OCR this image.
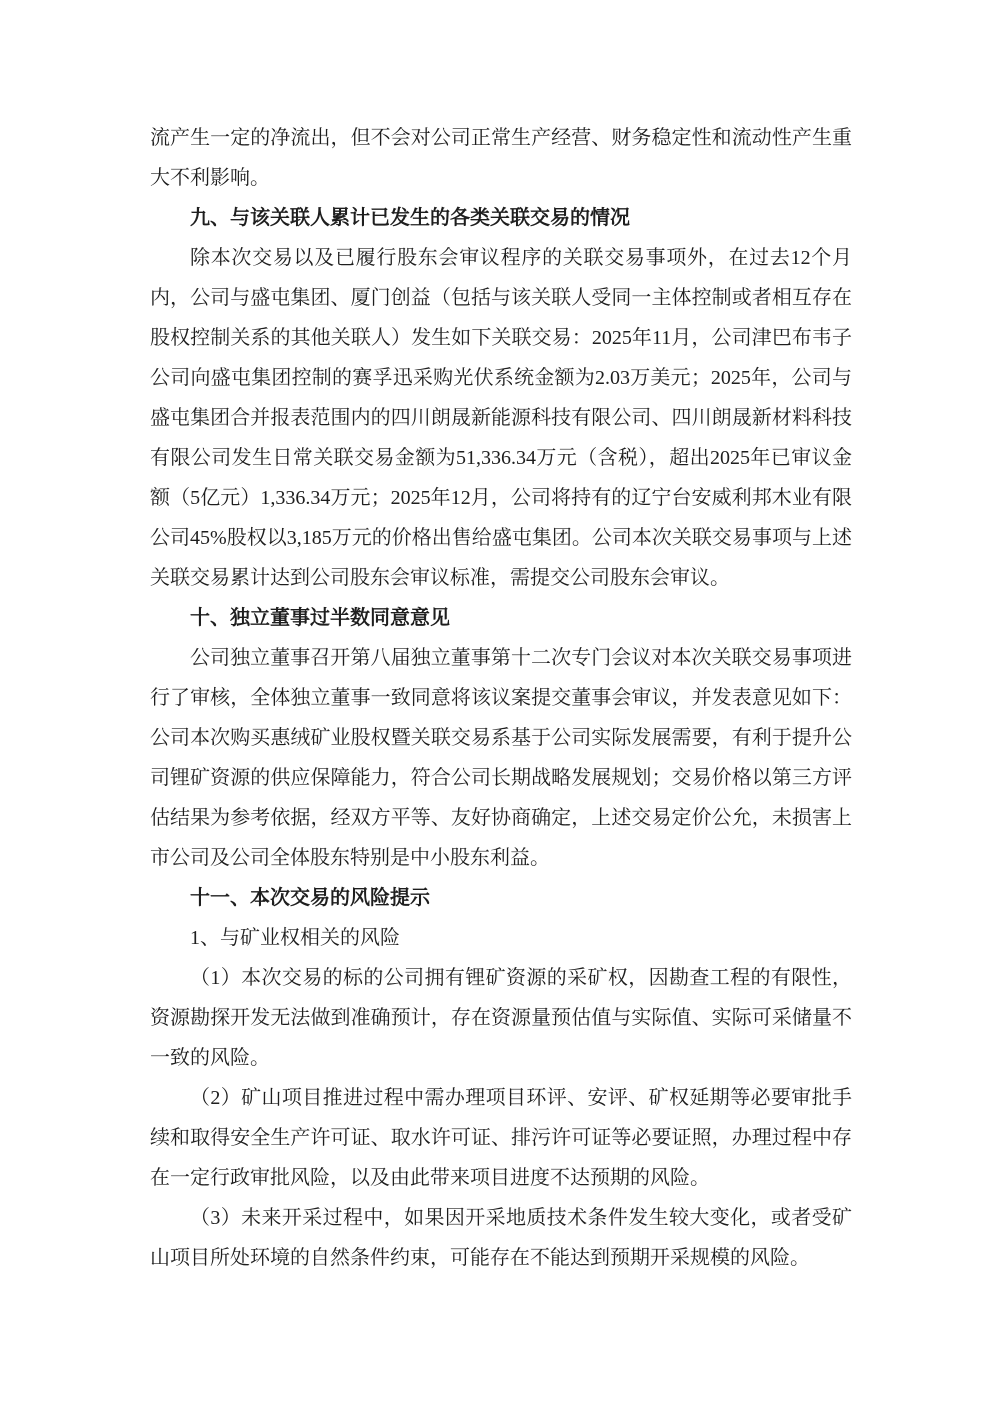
流产生一定的净流出，但不会对公司正常生产经营、财务稳定性和流动性产生重大不利影响。

九、与该关联人累计已发生的各类关联交易的情况

除本次交易以及已履行股东会审议程序的关联交易事项外，在过去12个月内，公司与盛屯集团、厦门创益（包括与该关联人受同一主体控制或者相互存在股权控制关系的其他关联人）发生如下关联交易：2025年11月，公司津巴布韦子公司向盛屯集团控制的赛孚迅采购光伏系统金额为2.03万美元；2025年，公司与盛屯集团合并报表范围内的四川朗晟新能源科技有限公司、四川朗晟新材料科技有限公司发生日常关联交易金额为51,336.34万元（含税），超出2025年已审议金额（5亿元）1,336.34万元；2025年12月，公司将持有的辽宁台安威利邦木业有限公司45%股权以3,185万元的价格出售给盛屯集团。公司本次关联交易事项与上述关联交易累计达到公司股东会审议标准，需提交公司股东会审议。

十、独立董事过半数同意意见

公司独立董事召开第八届独立董事第十二次专门会议对本次关联交易事项进行了审核，全体独立董事一致同意将该议案提交董事会审议，并发表意见如下：公司本次购买惠绒矿业股权暨关联交易系基于公司实际发展需要，有利于提升公司锂矿资源的供应保障能力，符合公司长期战略发展规划；交易价格以第三方评估结果为参考依据，经双方平等、友好协商确定，上述交易定价公允，未损害上市公司及公司全体股东特别是中小股东利益。

十一、本次交易的风险提示

1、与矿业权相关的风险

（1）本次交易的标的公司拥有锂矿资源的采矿权，因勘查工程的有限性，资源勘探开发无法做到准确预计，存在资源量预估值与实际值、实际可采储量不一致的风险。

（2）矿山项目推进过程中需办理项目环评、安评、矿权延期等必要审批手续和取得安全生产许可证、取水许可证、排污许可证等必要证照，办理过程中存在一定行政审批风险，以及由此带来项目进度不达预期的风险。

（3）未来开采过程中，如果因开采地质技术条件发生较大变化，或者受矿山项目所处环境的自然条件约束，可能存在不能达到预期开采规模的风险。
